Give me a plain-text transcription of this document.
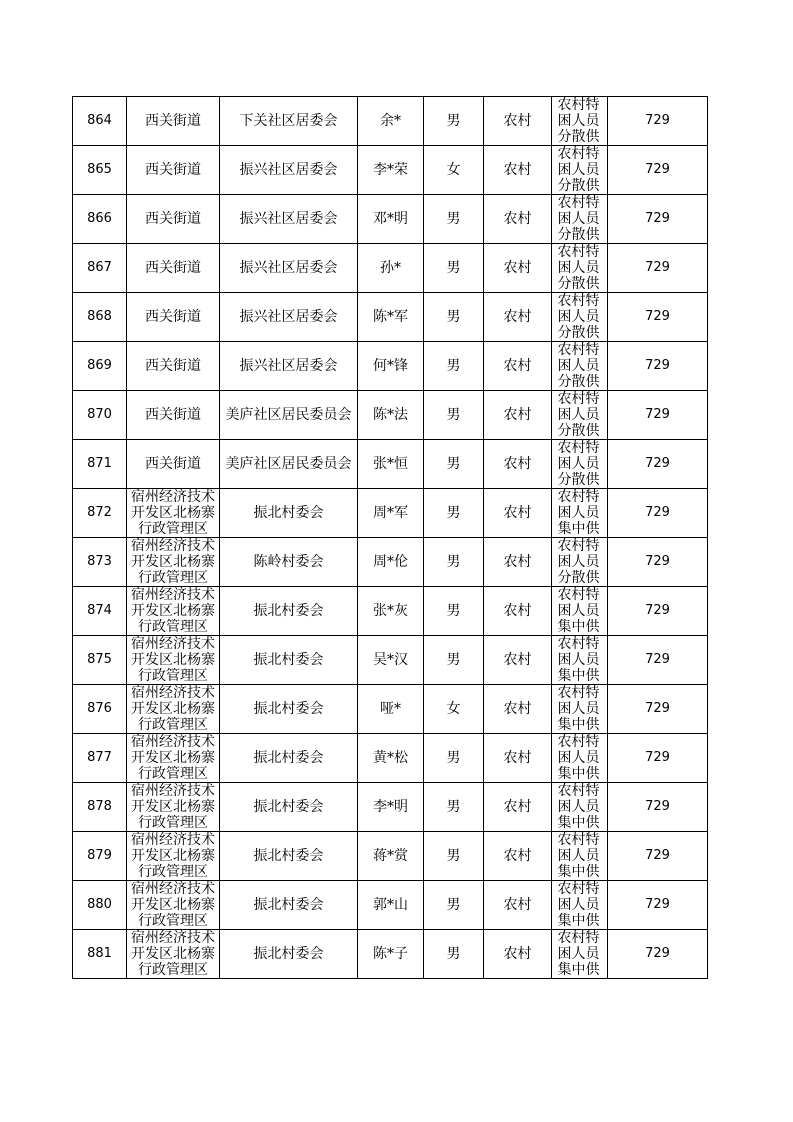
864	西关街道	下关社区居委会	余*	男	农村	农村特困人员分散供	729
865	西关街道	振兴社区居委会	李*荣	女	农村	农村特困人员分散供	729
866	西关街道	振兴社区居委会	邓*明	男	农村	农村特困人员分散供	729
867	西关街道	振兴社区居委会	孙*	男	农村	农村特困人员分散供	729
868	西关街道	振兴社区居委会	陈*军	男	农村	农村特困人员分散供	729
869	西关街道	振兴社区居委会	何*锋	男	农村	农村特困人员分散供	729
870	西关街道	美庐社区居民委员会	陈*法	男	农村	农村特困人员分散供	729
871	西关街道	美庐社区居民委员会	张*恒	男	农村	农村特困人员分散供	729
872	宿州经济技术开发区北杨寨行政管理区	振北村委会	周*军	男	农村	农村特困人员集中供	729
873	宿州经济技术开发区北杨寨行政管理区	陈岭村委会	周*伦	男	农村	农村特困人员分散供	729
874	宿州经济技术开发区北杨寨行政管理区	振北村委会	张*灰	男	农村	农村特困人员集中供	729
875	宿州经济技术开发区北杨寨行政管理区	振北村委会	吴*汉	男	农村	农村特困人员集中供	729
876	宿州经济技术开发区北杨寨行政管理区	振北村委会	哑*	女	农村	农村特困人员集中供	729
877	宿州经济技术开发区北杨寨行政管理区	振北村委会	黄*松	男	农村	农村特困人员集中供	729
878	宿州经济技术开发区北杨寨行政管理区	振北村委会	李*明	男	农村	农村特困人员集中供	729
879	宿州经济技术开发区北杨寨行政管理区	振北村委会	蒋*赏	男	农村	农村特困人员集中供	729
880	宿州经济技术开发区北杨寨行政管理区	振北村委会	郭*山	男	农村	农村特困人员集中供	729
881	宿州经济技术开发区北杨寨行政管理区	振北村委会	陈*子	男	农村	农村特困人员集中供	729
